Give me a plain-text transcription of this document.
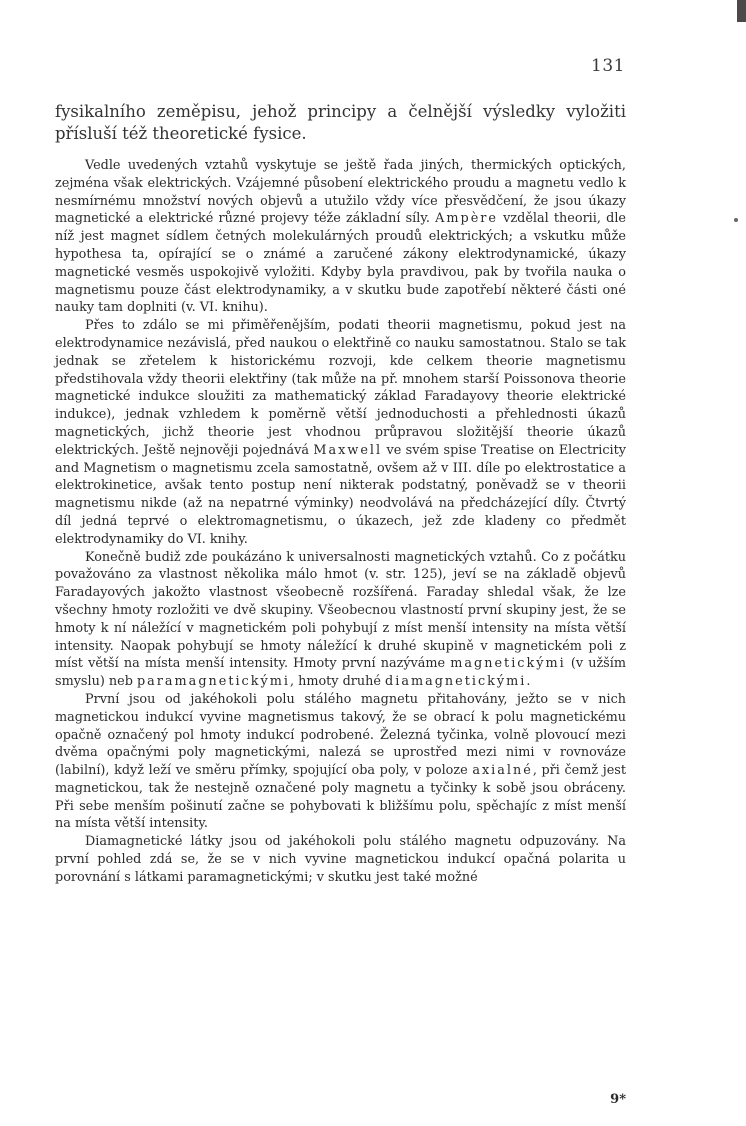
131

fysikalního zeměpisu, jehož principy a čelnější výsledky vyložiti přísluší též theoretické fysice.

Vedle uvedených vztahů vyskytuje se ještě řada jiných, thermických optických, zejména však elektrických. Vzájemné působení elektrického proudu a magnetu vedlo k nesmírnému množství nových objevů a utužilo vždy více přesvědčení, že jsou úkazy magnetické a elektrické různé projevy téže základní síly. Ampère vzdělal theorii, dle níž jest magnet sídlem četných molekulárných proudů elektrických; a vskutku může hypothesa ta, opírající se o známé a zaručené zákony elektrodynamické, úkazy magnetické vesměs uspokojivě vyložiti. Kdyby byla pravdivou, pak by tvořila nauka o magnetismu pouze část elektrodynamiky, a v skutku bude zapotřebí některé části oné nauky tam doplniti (v. VI. knihu).

Přes to zdálo se mi přiměřenějším, podati theorii magnetismu, pokud jest na elektrodynamice nezávislá, před naukou o elektřině co nauku samostatnou. Stalo se tak jednak se zřetelem k historickému rozvoji, kde celkem theorie magnetismu předstihovala vždy theorii elektřiny (tak může na př. mnohem starší Poissonova theorie magnetické indukce sloužiti za mathematický základ Faradayovy theorie elektrické indukce), jednak vzhledem k poměrně větší jednoduchosti a přehlednosti úkazů magnetických, jichž theorie jest vhodnou průpravou složitější theorie úkazů elektrických. Ještě nejnověji pojednává Maxwell ve svém spise Treatise on Electricity and Magnetism o magnetismu zcela samostatně, ovšem až v III. díle po elektrostatice a elektrokinetice, avšak tento postup není nikterak podstatný, poněvadž se v theorii magnetismu nikde (až na nepatrné výminky) neodvolává na předcházející díly. Čtvrtý díl jedná teprvé o elektromagnetismu, o úkazech, jež zde kladeny co předmět elektrodynamiky do VI. knihy.

Konečně budiž zde poukázáno k universalnosti magnetických vztahů. Co z počátku považováno za vlastnost několika málo hmot (v. str. 125), jeví se na základě objevů Faradayových jakožto vlastnost všeobecně rozšířená. Faraday shledal však, že lze všechny hmoty rozložiti ve dvě skupiny. Všeobecnou vlastností první skupiny jest, že se hmoty k ní náležící v magnetickém poli pohybují z míst menší intensity na místa větší intensity. Naopak pohybují se hmoty náležící k druhé skupině v magnetickém poli z míst větší na místa menší intensity. Hmoty první nazýváme magnetickými (v užším smyslu) neb paramagnetickými, hmoty druhé diamagnetickými.

První jsou od jakéhokoli polu stálého magnetu přitahovány, ježto se v nich magnetickou indukcí vyvine magnetismus takový, že se obrací k polu magnetickému opačně označený pol hmoty indukcí podrobené. Železná tyčinka, volně plovoucí mezi dvěma opačnými poly magnetickými, nalezá se uprostřed mezi nimi v rovnováze (labilní), když leží ve směru přímky, spojující oba poly, v poloze axialné, při čemž jest magnetickou, tak že nestejně označené poly magnetu a tyčinky k sobě jsou obráceny. Při sebe menším pošinutí začne se pohybovati k bližšímu polu, spěchajíc z míst menší na místa větší intensity.

Diamagnetické látky jsou od jakéhokoli polu stálého magnetu odpuzovány. Na první pohled zdá se, že se v nich vyvine magnetickou indukcí opačná polarita u porovnání s látkami paramagnetickými; v skutku jest také možné

9*
